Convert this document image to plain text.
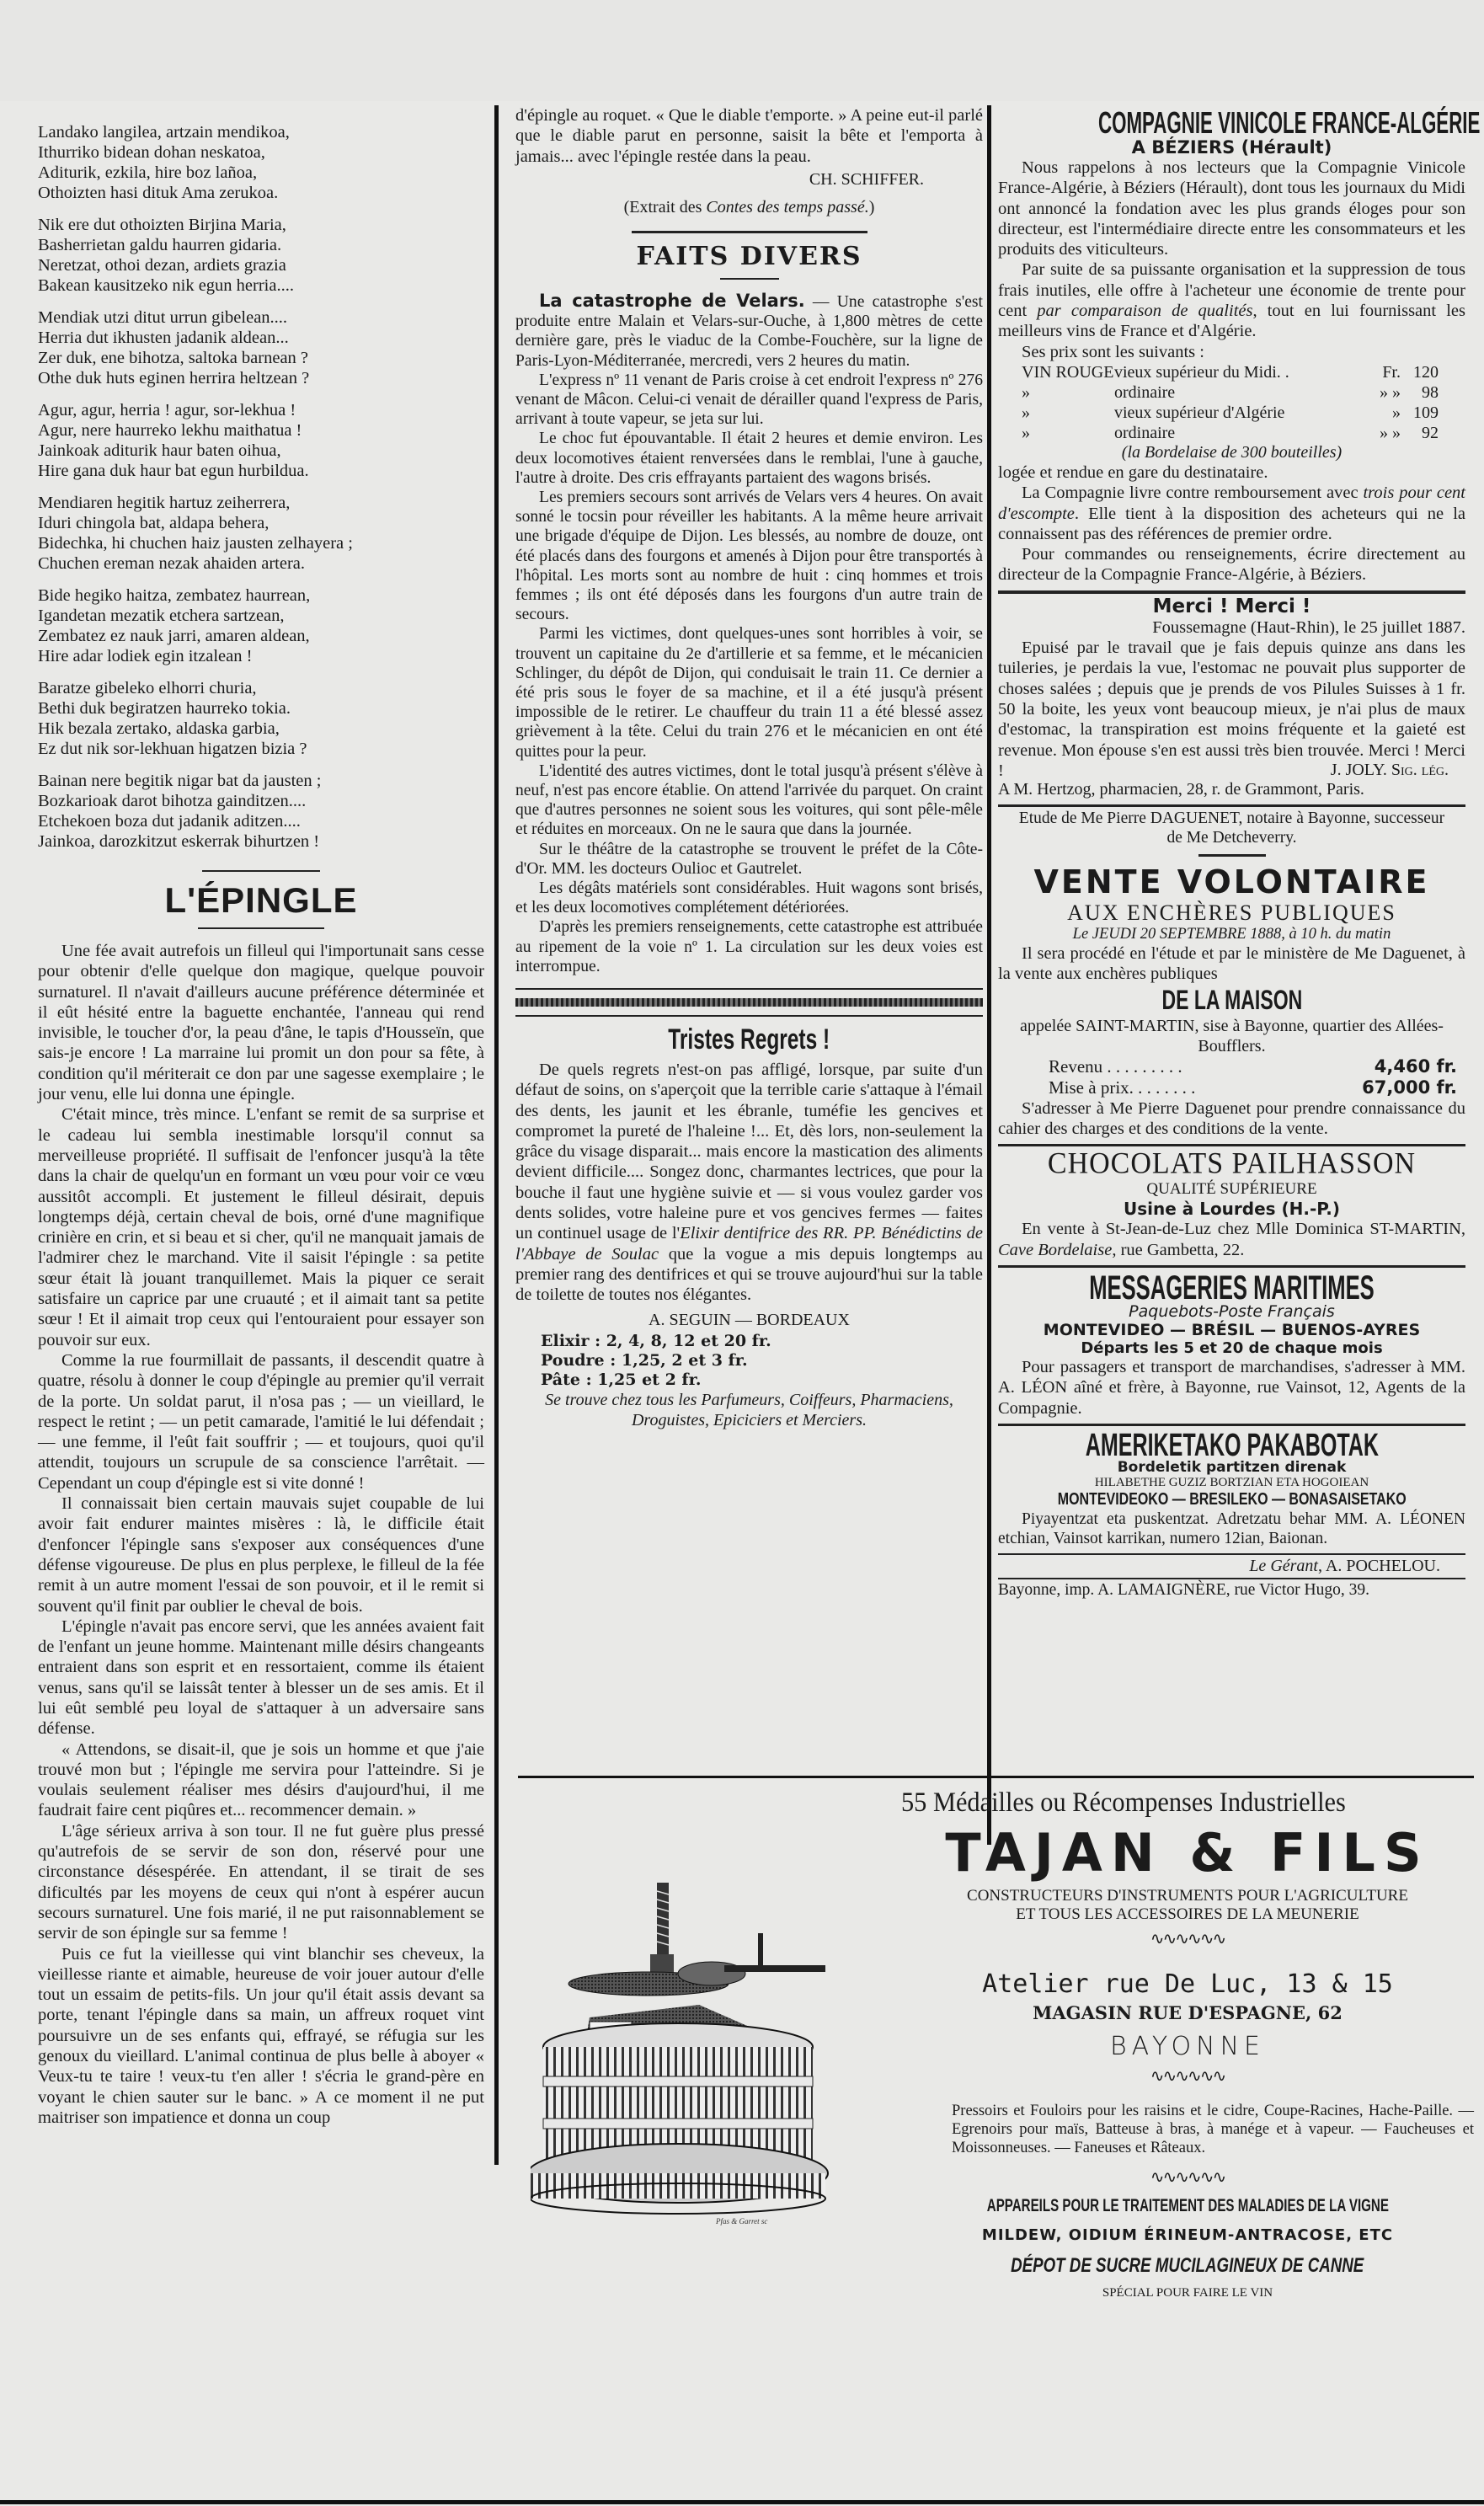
Landako langilea, artzain mendikoa,
Ithurriko bidean dohan neskatoa,
Aditurik, ezkila, hire boz lañoa,
Othoizten hasi dituk Ama zerukoa.
Nik ere dut othoizten Birjina Maria,
Basherrietan galdu haurren gidaria.
Neretzat, othoi dezan, ardiets grazia
Bakean kausitzeko nik egun herria....
Mendiak utzi ditut urrun gibelean....
Herria dut ikhusten jadanik aldean...
Zer duk, ene bihotza, saltoka barnean ?
Othe duk huts eginen herrira heltzean ?
Agur, agur, herria ! agur, sor-lekhua !
Agur, nere haurreko lekhu maithatua !
Jainkoak aditurik haur baten oihua,
Hire gana duk haur bat egun hurbildua.
Mendiaren hegitik hartuz zeiherrera,
Iduri chingola bat, aldapa behera,
Bidechka, hi chuchen haiz jausten zelhayera ;
Chuchen ereman nezak ahaiden artera.
Bide hegiko haitza, zembatez haurrean,
Igandetan mezatik etchera sartzean,
Zembatez ez nauk jarri, amaren aldean,
Hire adar lodiek egin itzalean !
Baratze gibeleko elhorri churia,
Bethi duk begiratzen haurreko tokia.
Hik bezala zertako, aldaska garbia,
Ez dut nik sor-lekhuan higatzen bizia ?
Bainan nere begitik nigar bat da jausten ;
Bozkarioak darot bihotza gainditzen....
Etchekoen boza dut jadanik aditzen....
Jainkoa, darozkitzut eskerrak bihurtzen !
L'ÉPINGLE

Une fée avait autrefois un filleul qui l'importunait sans cesse pour obtenir d'elle quelque don magique, quelque pouvoir surnaturel. Il n'avait d'ailleurs aucune préférence déterminée et il eût hésité entre la baguette enchantée, l'anneau qui rend invisible, le toucher d'or, la peau d'âne, le tapis d'Housseïn, que sais-je encore ! La marraine lui promit un don pour sa fête, à condition qu'il mériterait ce don par une sagesse exemplaire ; le jour venu, elle lui donna une épingle.

C'était mince, très mince. L'enfant se remit de sa surprise et le cadeau lui sembla inestimable lorsqu'il connut sa merveilleuse propriété. Il suffisait de l'enfoncer jusqu'à la tête dans la chair de quelqu'un en formant un vœu pour voir ce vœu aussitôt accompli. Et justement le filleul désirait, depuis longtemps déjà, certain cheval de bois, orné d'une magnifique crinière en crin, et si beau et si cher, qu'il ne manquait jamais de l'admirer chez le marchand. Vite il saisit l'épingle : sa petite sœur était là jouant tranquillemet. Mais la piquer ce serait satisfaire un caprice par une cruauté ; et il aimait tant sa petite sœur ! Et il aimait trop ceux qui l'entouraient pour essayer son pouvoir sur eux.

Comme la rue fourmillait de passants, il descendit quatre à quatre, résolu à donner le coup d'épingle au premier qu'il verrait de la porte. Un soldat parut, il n'osa pas ; — un vieillard, le respect le retint ; — un petit camarade, l'amitié le lui défendait ; — une femme, il l'eût fait souffrir ; — et toujours, quoi qu'il attendit, toujours un scrupule de sa conscience l'arrêtait. — Cependant un coup d'épingle est si vite donné !

Il connaissait bien certain mauvais sujet coupable de lui avoir fait endurer maintes misères : là, le difficile était d'enfoncer l'épingle sans s'exposer aux conséquences d'une défense vigoureuse. De plus en plus perplexe, le filleul de la fée remit à un autre moment l'essai de son pouvoir, et il le remit si souvent qu'il finit par oublier le cheval de bois.

L'épingle n'avait pas encore servi, que les années avaient fait de l'enfant un jeune homme. Maintenant mille désirs changeants entraient dans son esprit et en ressortaient, comme ils étaient venus, sans qu'il se laissât tenter à blesser un de ses amis. Et il lui eût semblé peu loyal de s'attaquer à un adversaire sans défense.

« Attendons, se disait-il, que je sois un homme et que j'aie trouvé mon but ; l'épingle me servira pour l'atteindre. Si je voulais seulement réaliser mes désirs d'aujourd'hui, il me faudrait faire cent piqûres et... recommencer demain. »

L'âge sérieux arriva à son tour. Il ne fut guère plus pressé qu'autrefois de se servir de son don, réservé pour une circonstance désespérée. En attendant, il se tirait de ses dificultés par les moyens de ceux qui n'ont à espérer aucun secours surnaturel. Une fois marié, il ne put raisonnablement se servir de son épingle sur sa femme !

Puis ce fut la vieillesse qui vint blanchir ses cheveux, la vieillesse riante et aimable, heureuse de voir jouer autour d'elle tout un essaim de petits-fils. Un jour qu'il était assis devant sa porte, tenant l'épingle dans sa main, un affreux roquet vint poursuivre un de ses enfants qui, effrayé, se réfugia sur les genoux du vieillard. L'animal continua de plus belle à aboyer « Veux-tu te taire ! veux-tu t'en aller ! s'écria le grand-père en voyant le chien sauter sur le banc. » A ce moment il ne put maitriser son impatience et donna un coup

d'épingle au roquet. « Que le diable t'emporte. » A peine eut-il parlé que le diable parut en personne, saisit la bête et l'emporta à jamais... avec l'épingle restée dans la peau.

CH. SCHIFFER.
(Extrait des Contes des temps passé.)
FAITS DIVERS

La catastrophe de Velars. — Une catastrophe s'est produite entre Malain et Velars-sur-Ouche, à 1,800 mètres de cette dernière gare, près le viaduc de la Combe-Fouchère, sur la ligne de Paris-Lyon-Méditerranée, mercredi, vers 2 heures du matin.

L'express nº 11 venant de Paris croise à cet endroit l'express nº 276 venant de Mâcon. Celui-ci venait de dérailler quand l'express de Paris, arrivant à toute vapeur, se jeta sur lui.

Le choc fut épouvantable. Il était 2 heures et demie environ. Les deux locomotives étaient renversées dans le remblai, l'une à gauche, l'autre à droite. Des cris effrayants partaient des wagons brisés.

Les premiers secours sont arrivés de Velars vers 4 heures. On avait sonné le tocsin pour réveiller les habitants. A la même heure arrivait une brigade d'équipe de Dijon. Les blessés, au nombre de douze, ont été placés dans des fourgons et amenés à Dijon pour être transportés à l'hôpital. Les morts sont au nombre de huit : cinq hommes et trois femmes ; ils ont été déposés dans les fourgons d'un autre train de secours.

Parmi les victimes, dont quelques-unes sont horribles à voir, se trouvent un capitaine du 2e d'artillerie et sa femme, et le mécanicien Schlinger, du dépôt de Dijon, qui conduisait le train 11. Ce dernier a été pris sous le foyer de sa machine, et il a été jusqu'à présent impossible de le retirer. Le chauffeur du train 11 a été blessé assez grièvement à la tête. Celui du train 276 et le mécanicien en ont été quittes pour la peur.

L'identité des autres victimes, dont le total jusqu'à présent s'élève à neuf, n'est pas encore établie. On attend l'arrivée du parquet. On craint que d'autres personnes ne soient sous les voitures, qui sont pêle-mêle et réduites en morceaux. On ne le saura que dans la journée.

Sur le théâtre de la catastrophe se trouvent le préfet de la Côte-d'Or. MM. les docteurs Oulioc et Gautrelet.

Les dégâts matériels sont considérables. Huit wagons sont brisés, et les deux locomotives complétement détériorées.

D'après les premiers renseignements, cette catastrophe est attribuée au ripement de la voie nº 1. La circulation sur les deux voies est interrompue.

Tristes Regrets !

De quels regrets n'est-on pas affligé, lorsque, par suite d'un défaut de soins, on s'aperçoit que la terrible carie s'attaque à l'émail des dents, les jaunit et les ébranle, tuméfie les gencives et compromet la pureté de l'haleine !... Et, dès lors, non-seulement la grâce du visage disparait... mais encore la mastication des aliments devient difficile.... Songez donc, charmantes lectrices, que pour la bouche il faut une hygiène suivie et — si vous voulez garder vos dents solides, votre haleine pure et vos gencives fermes — faites un continuel usage de l'Elixir dentifrice des RR. PP. Bénédictins de l'Abbaye de Soulac que la vogue a mis depuis longtemps au premier rang des dentifrices et qui se trouve aujourd'hui sur la table de toilette de toutes nos élégantes.

A. SEGUIN — BORDEAUX
Elixir : 2, 4, 8, 12 et 20 fr.
Poudre : 1,25, 2 et 3 fr.
Pâte : 1,25 et 2 fr.
Se trouve chez tous les Parfumeurs, Coiffeurs, Pharmaciens, Droguistes, Epiciciers et Merciers.
COMPAGNIE VINICOLE FRANCE-ALGÉRIE
A BÉZIERS (Hérault)

Nous rappelons à nos lecteurs que la Compagnie Vinicole France-Algérie, à Béziers (Hérault), dont tous les journaux du Midi ont annoncé la fondation avec les plus grands éloges pour son directeur, est l'intermédiaire directe entre les consommateurs et les produits des viticulteurs.

Par suite de sa puissante organisation et la suppression de tous frais inutiles, elle offre à l'acheteur une économie de trente pour cent par comparaison de qualités, tout en lui fournissant les meilleurs vins de France et d'Algérie.

Ses prix sont les suivants :

VIN ROUGE vieux supérieur du Midi. .	Fr. 120
»	ordinaire	» »	98
»	vieux supérieur d'Algérie	» 109
»	ordinaire	» »	92
(la Bordelaise de 300 bouteilles)

logée et rendue en gare du destinataire.

La Compagnie livre contre remboursement avec trois pour cent d'escompte. Elle tient à la disposition des acheteurs qui ne la connaissent pas des références de premier ordre.

Pour commandes ou renseignements, écrire directement au directeur de la Compagnie France-Algérie, à Béziers.

Merci ! Merci !

Foussemagne (Haut-Rhin), le 25 juillet 1887.

Epuisé par le travail que je fais depuis quinze ans dans les tuileries, je perdais la vue, l'estomac ne pouvait plus supporter de choses salées ; depuis que je prends de vos Pilules Suisses à 1 fr. 50 la boite, les yeux vont beaucoup mieux, je n'ai plus de maux d'estomac, la transpiration est moins fréquente et la gaieté est revenue. Mon épouse s'en est aussi très bien trouvée. Merci ! Merci !	J. JOLY. Sig. lég.
A M. Hertzog, pharmacien, 28, r. de Grammont, Paris.
Etude de Me Pierre DAGUENET, notaire à Bayonne, successeur de Me Detcheverry.
VENTE VOLONTAIRE
AUX ENCHÈRES PUBLIQUES
Le JEUDI 20 SEPTEMBRE 1888, à 10 h. du matin

Il sera procédé en l'étude et par le ministère de Me Daguenet, à la vente aux enchères publiques

DE LA MAISON
appelée SAINT-MARTIN, sise à Bayonne, quartier des Allées-Boufflers.
Revenu . . . . . . . . .	4,460 fr.
Mise à prix. . . . . . . .	67,000 fr.

S'adresser à Me Pierre Daguenet pour prendre connaissance du cahier des charges et des conditions de la vente.

CHOCOLATS PAILHASSON
QUALITÉ SUPÉRIEURE
Usine à Lourdes (H.-P.)

En vente à St-Jean-de-Luz chez Mlle Dominica ST-MARTIN, Cave Bordelaise, rue Gambetta, 22.

MESSAGERIES MARITIMES
Paquebots-Poste Français
MONTEVIDEO — BRÉSIL — BUENOS-AYRES
Départs les 5 et 20 de chaque mois

Pour passagers et transport de marchandises, s'adresser à MM. A. LÉON aîné et frère, à Bayonne, rue Vainsot, 12, Agents de la Compagnie.

AMERIKETAKO PAKABOTAK
Bordeletik partitzen direnak
HILABETHE GUZIZ BORTZIAN ETA HOGOIEAN
MONTEVIDEOKO — BRESILEKO — BONASAISETAKO

Piyayentzat eta puskentzat. Adretzatu behar MM. A. LÉONEN etchian, Vainsot karrikan, numero 12ian, Baionan.

Le Gérant, A. POCHELOU.
Bayonne, imp. A. LAMAIGNÈRE, rue Victor Hugo, 39.
55 Médailles ou Récompenses Industrielles
TAJAN & FILS
CONSTRUCTEURS D'INSTRUMENTS POUR L'AGRICULTURE
ET TOUS LES ACCESSOIRES DE LA MEUNERIE
∿∿∿∿∿∿
Atelier rue De Luc, 13 & 15
MAGASIN RUE D'ESPAGNE, 62
BAYONNE
∿∿∿∿∿∿
Pressoirs et Fouloirs pour les raisins et le cidre, Coupe-Racines, Hache-Paille. — Egrenoirs pour maïs, Batteuse à bras, à manége et à vapeur. — Faucheuses et Moissonneuses. — Faneuses et Râteaux.
∿∿∿∿∿∿
APPAREILS POUR LE TRAITEMENT DES MALADIES DE LA VIGNE
MILDEW, OIDIUM ÉRINEUM-ANTRACOSE, ETC
DÉPOT DE SUCRE MUCILAGINEUX DE CANNE
SPÉCIAL POUR FAIRE LE VIN
Pfas & Garret sc
